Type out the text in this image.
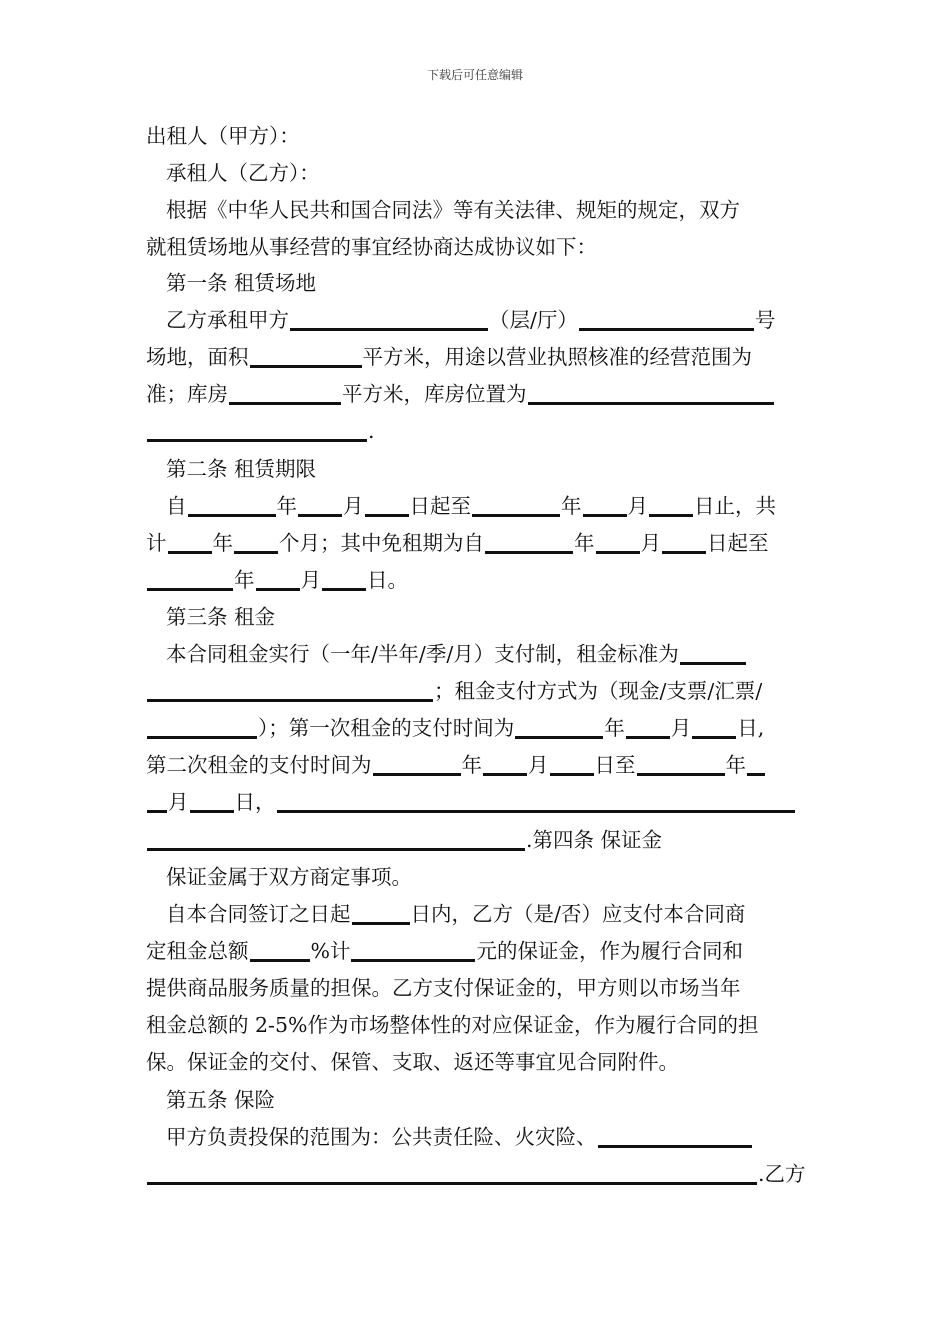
下载后可任意编辑
出租人（甲方）：
承租人（乙方）：
根据《中华人民共和国合同法》等有关法律、规矩的规定，双方
就租赁场地从事经营的事宜经协商达成协议如下：
第一条 租赁场地
乙方承租甲方	（层/厅）	号
场地，面积	平方米，用途以营业执照核准的经营范围为
准；库房	平方米，库房位置为
.
第二条 租赁期限
自	年 月 日起至	年 月 日止，共
计 年 个月；其中免租期为自	年 月 日起至
年 月 日。
第三条 租金
本合同租金实行（一年/半年/季/月）支付制，租金标准为
；租金支付方式为（现金/支票/汇票/
）；第一次租金的支付时间为	年 月 日,
第二次租金的支付时间为	年 月 日至	年
月 日，
.第四条 保证金
保证金属于双方商定事项。
自本合同签订之日起	日内，乙方（是/否）应支付本合同商
定租金总额	%计	元的保证金，作为履行合同和
提供商品服务质量的担保。乙方支付保证金的，甲方则以市场当年
租金总额的 2-5%作为市场整体性的对应保证金，作为履行合同的担
保。保证金的交付、保管、支取、返还等事宜见合同附件。
第五条 保险
甲方负责投保的范围为：公共责任险、火灾险、
.乙方
